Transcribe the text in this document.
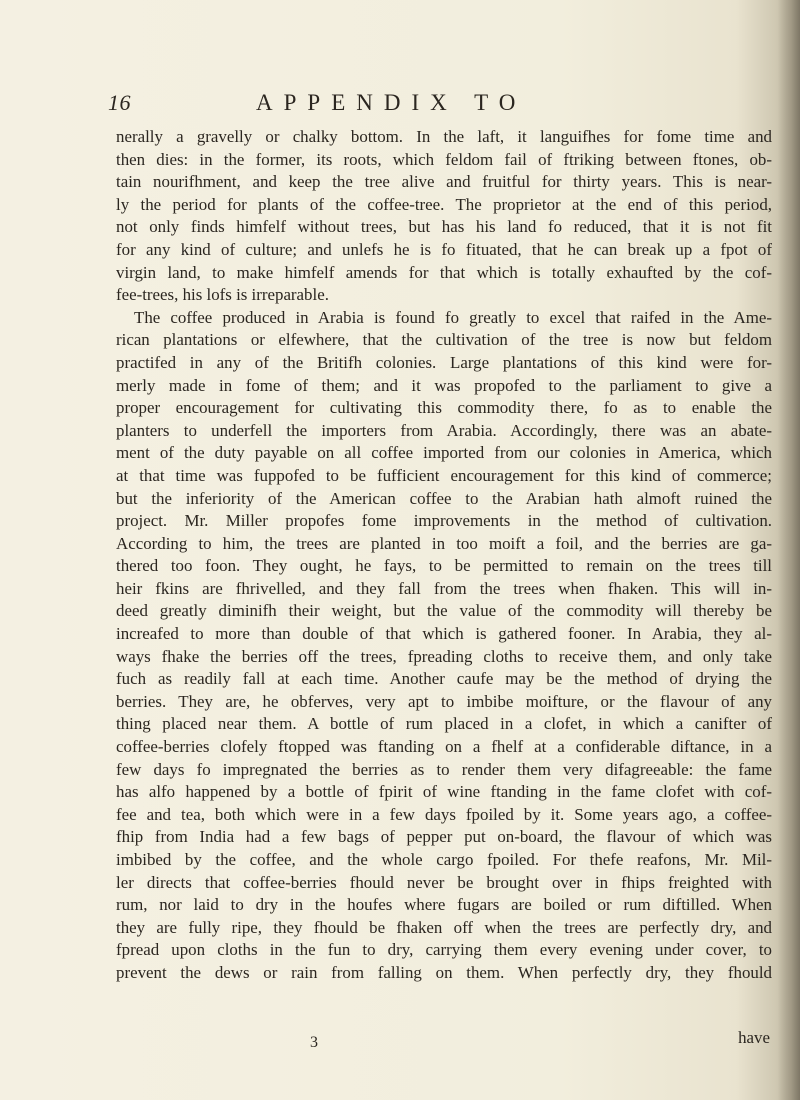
16	APPENDIX TO
nerally a gravelly or chalky bottom. In the laft, it languifhes for fome time and
then dies: in the former, its roots, which feldom fail of ftriking between ftones, ob-
tain nourifhment, and keep the tree alive and fruitful for thirty years. This is near-
ly the period for plants of the coffee-tree. The proprietor at the end of this period,
not only finds himfelf without trees, but has his land fo reduced, that it is not fit
for any kind of culture; and unlefs he is fo fituated, that he can break up a fpot of
virgin land, to make himfelf amends for that which is totally exhaufted by the cof-
fee-trees, his lofs is irreparable.
The coffee produced in Arabia is found fo greatly to excel that raifed in the Ame-
rican plantations or elfewhere, that the cultivation of the tree is now but feldom
practifed in any of the Britifh colonies. Large plantations of this kind were for-
merly made in fome of them; and it was propofed to the parliament to give a
proper encouragement for cultivating this commodity there, fo as to enable the
planters to underfell the importers from Arabia. Accordingly, there was an abate-
ment of the duty payable on all coffee imported from our colonies in America, which
at that time was fuppofed to be fufficient encouragement for this kind of commerce;
but the inferiority of the American coffee to the Arabian hath almoft ruined the
project. Mr. Miller propofes fome improvements in the method of cultivation.
According to him, the trees are planted in too moift a foil, and the berries are ga-
thered too foon. They ought, he fays, to be permitted to remain on the trees till
heir fkins are fhrivelled, and they fall from the trees when fhaken. This will in-
deed greatly diminifh their weight, but the value of the commodity will thereby be
increafed to more than double of that which is gathered fooner. In Arabia, they al-
ways fhake the berries off the trees, fpreading cloths to receive them, and only take
fuch as readily fall at each time. Another caufe may be the method of drying the
berries. They are, he obferves, very apt to imbibe moifture, or the flavour of any
thing placed near them. A bottle of rum placed in a clofet, in which a canifter of
coffee-berries clofely ftopped was ftanding on a fhelf at a confiderable diftance, in a
few days fo impregnated the berries as to render them very difagreeable: the fame
has alfo happened by a bottle of fpirit of wine ftanding in the fame clofet with cof-
fee and tea, both which were in a few days fpoiled by it. Some years ago, a coffee-
fhip from India had a few bags of pepper put on-board, the flavour of which was
imbibed by the coffee, and the whole cargo fpoiled. For thefe reafons, Mr. Mil-
ler directs that coffee-berries fhould never be brought over in fhips freighted with
rum, nor laid to dry in the houfes where fugars are boiled or rum diftilled. When
they are fully ripe, they fhould be fhaken off when the trees are perfectly dry, and
fpread upon cloths in the fun to dry, carrying them every evening under cover, to
prevent the dews or rain from falling on them. When perfectly dry, they fhould
3	have
